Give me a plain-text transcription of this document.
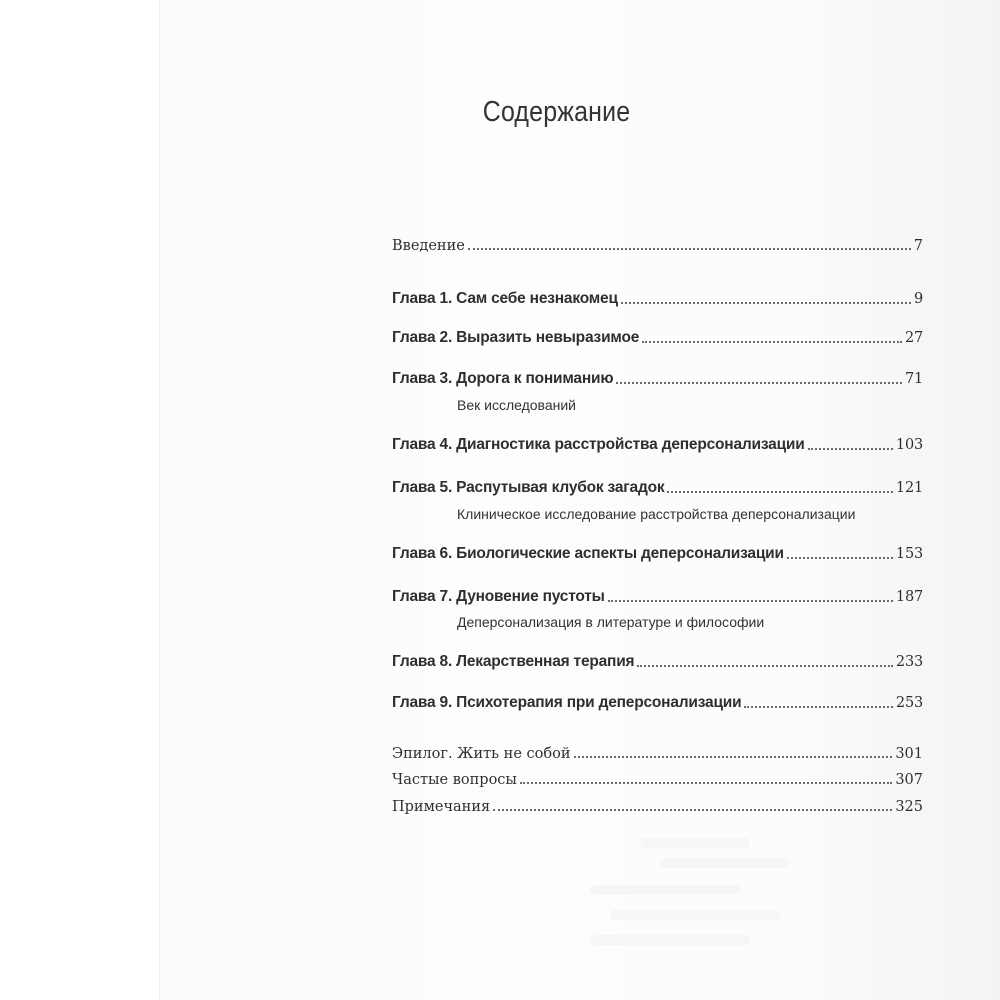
Содержание
Введение	7
Глава 1. Сам себе незнакомец	9
Глава 2. Выразить невыразимое	27
Глава 3. Дорога к пониманию	71
Век исследований
Глава 4. Диагностика расстройства деперсонализации	103
Глава 5. Распутывая клубок загадок	121
Клиническое исследование расстройства деперсонализации
Глава 6. Биологические аспекты деперсонализации	153
Глава 7. Дуновение пустоты	187
Деперсонализация в литературе и философии
Глава 8. Лекарственная терапия	233
Глава 9. Психотерапия при деперсонализации	253
Эпилог. Жить не собой	301
Частые вопросы	307
Примечания	325
